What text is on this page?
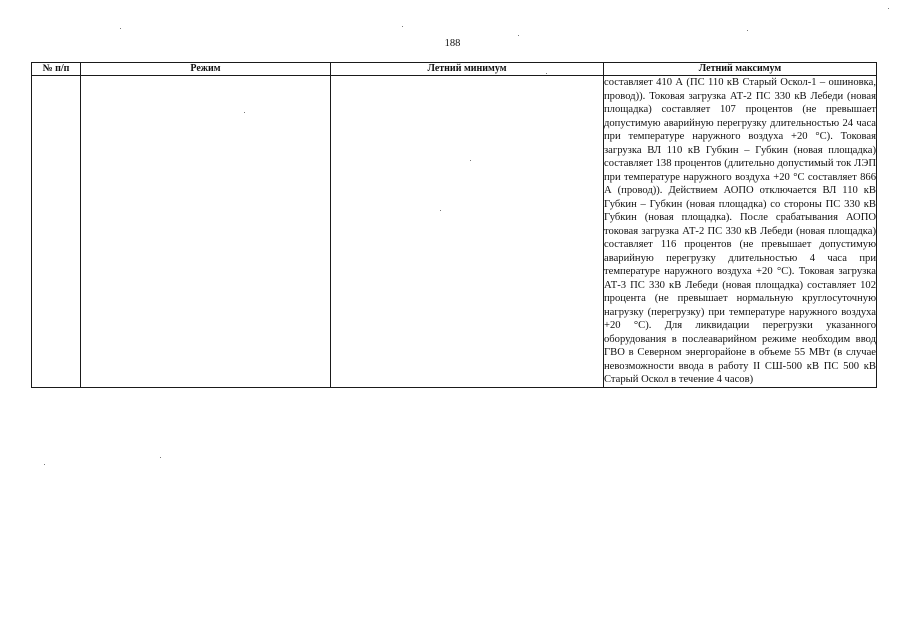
188
№ п/п	Режим	Летний минимум	Летний максимум
			составляет 410 А (ПС 110 кВ Старый Оскол-1 – ошиновка, провод)). Токовая загрузка АТ-2 ПС 330 кВ Лебеди (новая площадка) составляет 107 процентов (не превышает допустимую аварийную перегрузку длительностью 24 часа при температуре наружного воздуха +20 °С). Токовая загрузка ВЛ 110 кВ Губкин – Губкин (новая площадка) составляет 138 процентов (длительно допустимый ток ЛЭП при температуре наружного воздуха +20 °С составляет 866 А (провод)). Действием АОПО отключается ВЛ 110 кВ Губкин – Губкин (новая площадка) со стороны ПС 330 кВ Губкин (новая площадка). После срабатывания АОПО токовая загрузка АТ-2 ПС 330 кВ Лебеди (новая площадка) составляет 116 процентов (не превышает допустимую аварийную перегрузку длительностью 4 часа при температуре наружного воздуха +20 °С). Токовая загрузка АТ-3 ПС 330 кВ Лебеди (новая площадка) составляет 102 процента (не превышает нормальную круглосуточную нагрузку (перегрузку) при температуре наружного воздуха +20 °С). Для ликвидации перегрузки указанного оборудования в послеаварийном режиме необходим ввод ГВО в Северном энергорайоне в объеме 55 МВт (в случае невозможности ввода в работу II СШ-500 кВ ПС 500 кВ Старый Оскол в течение 4 часов)
